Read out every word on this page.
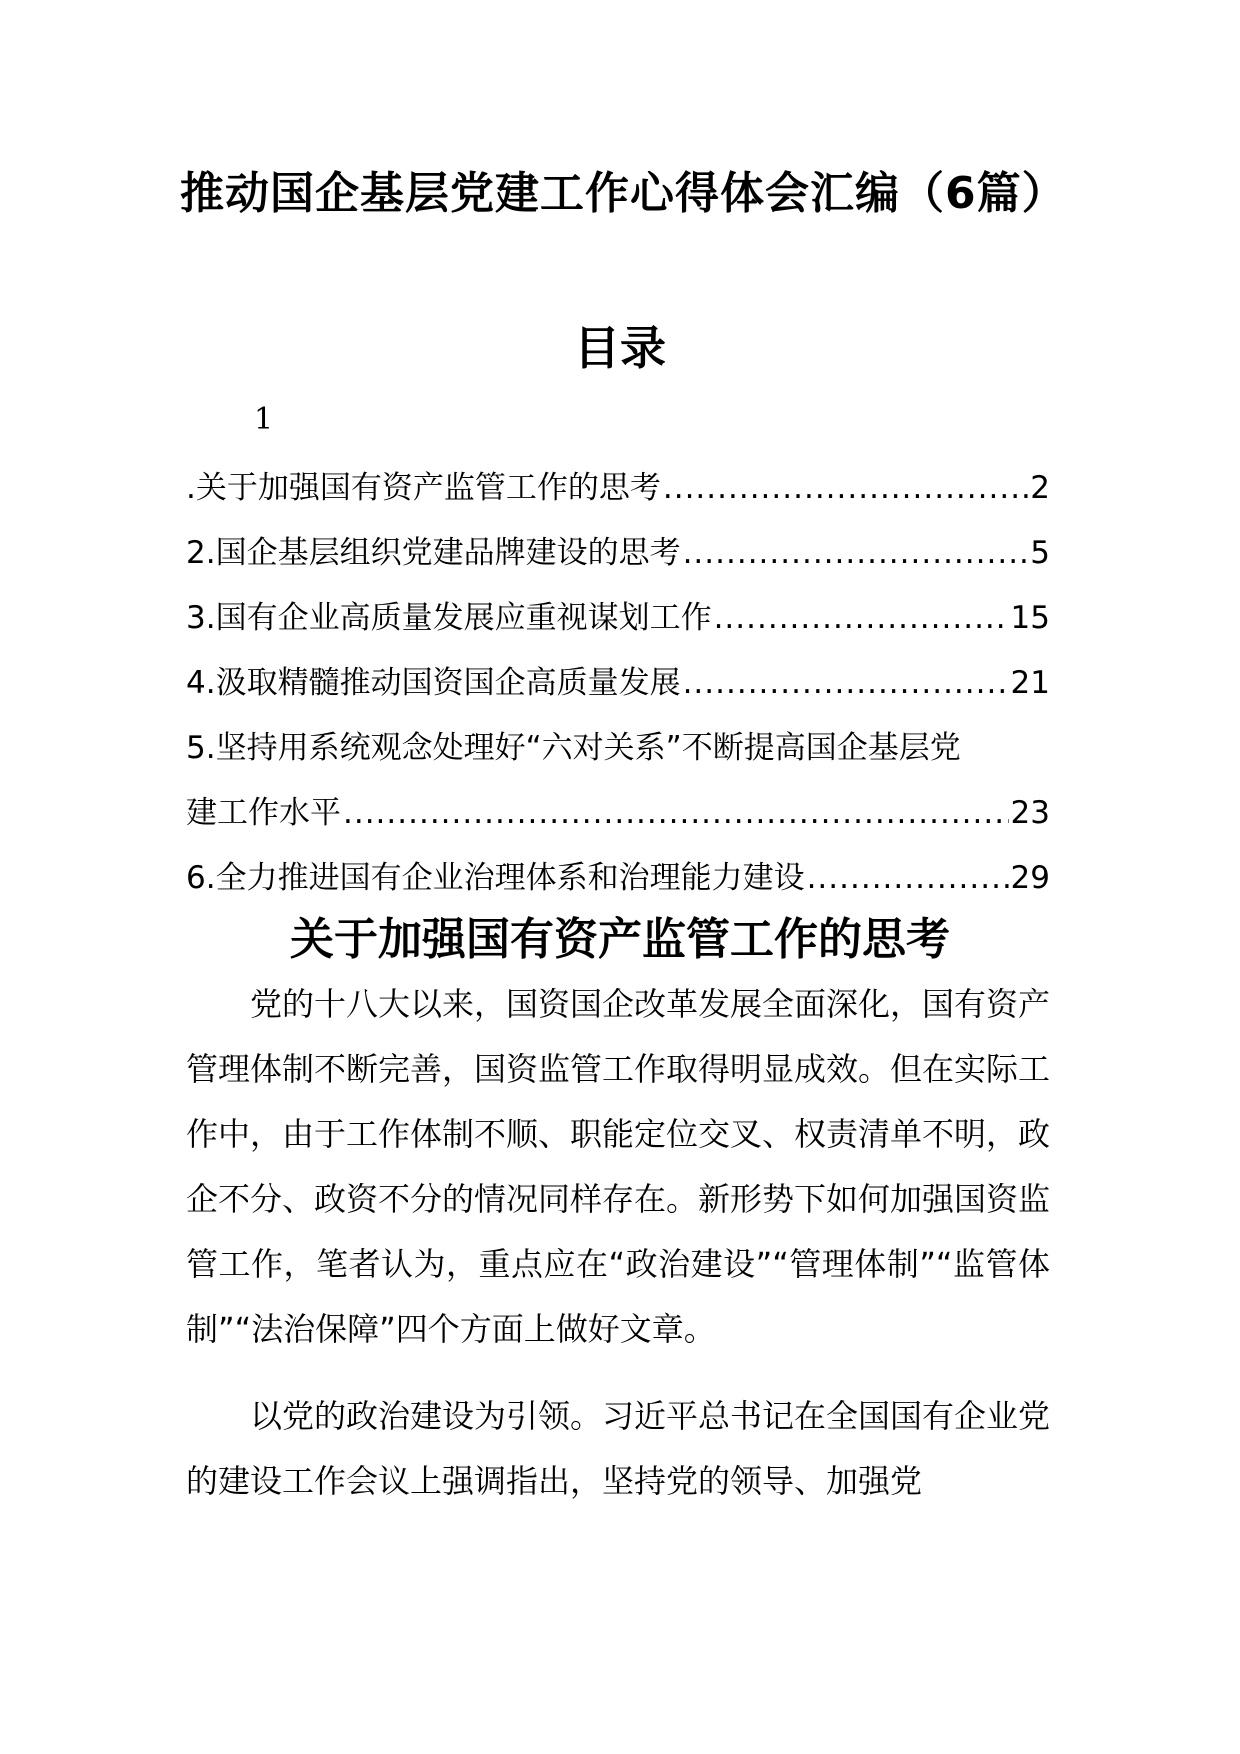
推动国企基层党建工作心得体会汇编（6篇）
目录
1
.关于加强国有资产监管工作的思考 .....	2
2.国企基层组织党建品牌建设的思考 .....	5
3.国有企业高质量发展应重视谋划工作 .....	15
4.汲取精髓推动国资国企高质量发展 .....	21
5.坚持用系统观念处理好“六对关系”不断提高国企基层党
建工作水平 .....	23
6.全力推进国有企业治理体系和治理能力建设 .....	29
关于加强国有资产监管工作的思考

党的十八大以来，国资国企改革发展全面深化，国有资产管理体制不断完善，国资监管工作取得明显成效。但在实际工作中，由于工作体制不顺、职能定位交叉、权责清单不明，政企不分、政资不分的情况同样存在。新形势下如何加强国资监管工作，笔者认为，重点应在“政治建设”“管理体制”“监管体制”“法治保障”四个方面上做好文章。

以党的政治建设为引领。习近平总书记在全国国有企业党的建设工作会议上强调指出，坚持党的领导、加强党
